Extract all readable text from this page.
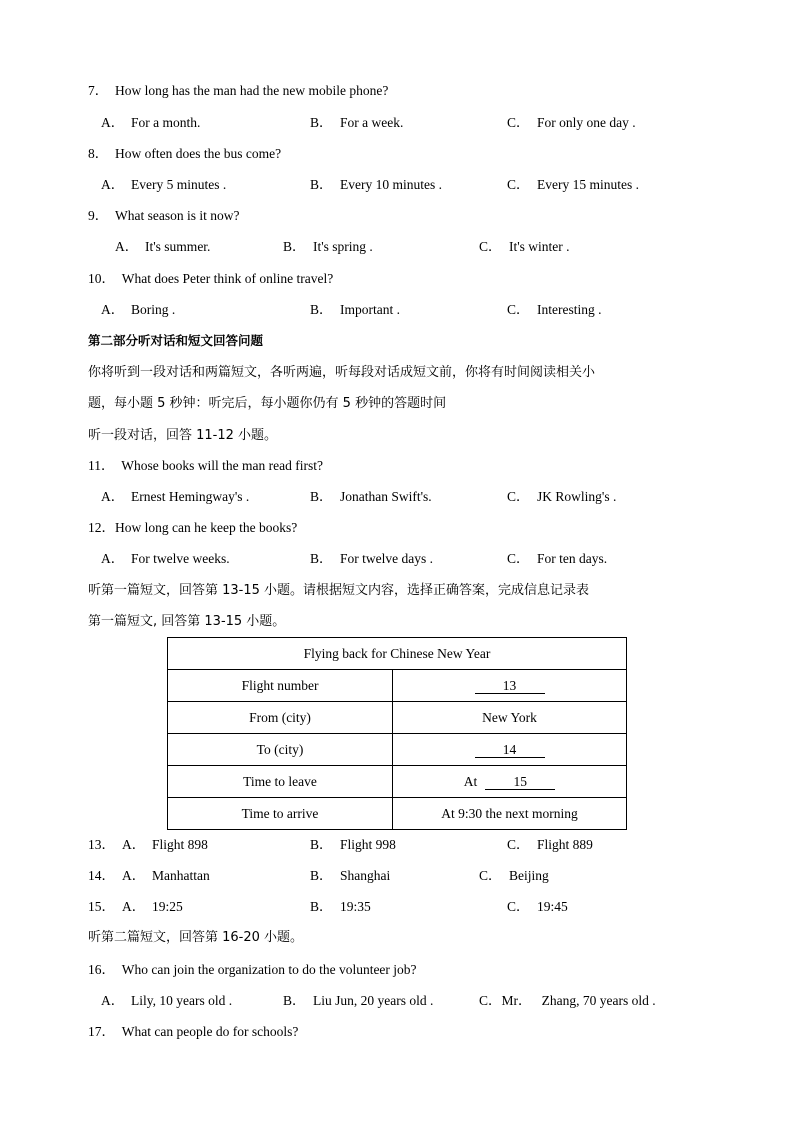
7． How long has the man had the new mobile phone?
A． For a month.	B． For a week.	C． For only one day .
8． How often does the bus come?
A． Every 5 minutes .	B． Every 10 minutes .	C． Every 15 minutes .
9． What season is it now?
A． It's summer.	B． It's spring .	C． It's winter .
10． What does Peter think of online travel?
A． Boring .	B． Important .	C． Interesting .
第二部分听对话和短文回答问题
你将听到一段对话和两篇短文，各听两遍，听每段对话成短文前，你将有时间阅读相关小
题，每小题 5 秒钟：听完后，每小题你仍有 5 秒钟的答题时间
听一段对话，回答 11-12 小题。
11． Whose books will the man read first?
A． Ernest Hemingway's .	B． Jonathan Swift's.	C． JK Rowling's .
12．How long can he keep the books?
A． For twelve weeks.	B． For twelve days .	C． For ten days.
听第一篇短文，回答第 13-15 小题。请根据短文内容，选择正确答案，完成信息记录表
第一篇短文, 回答第 13-15 小题。
Flying back for Chinese New Year	
Flight number	13
From (city)	New York
To (city)	14
Time to leave	At 15
Time to arrive	At 9:30 the next morning
13． A． Flight 898	B． Flight 998	C． Flight 889
14． A． Manhattan	B． Shanghai	C． Beijing
15． A． 19:25	B． 19:35	C． 19:45
听第二篇短文，回答第 16-20 小题。
16． Who can join the organization to do the volunteer job?
A． Lily, 10 years old .	B． Liu Jun, 20 years old .	C．Mr． Zhang, 70 years old .
17． What can people do for schools?
